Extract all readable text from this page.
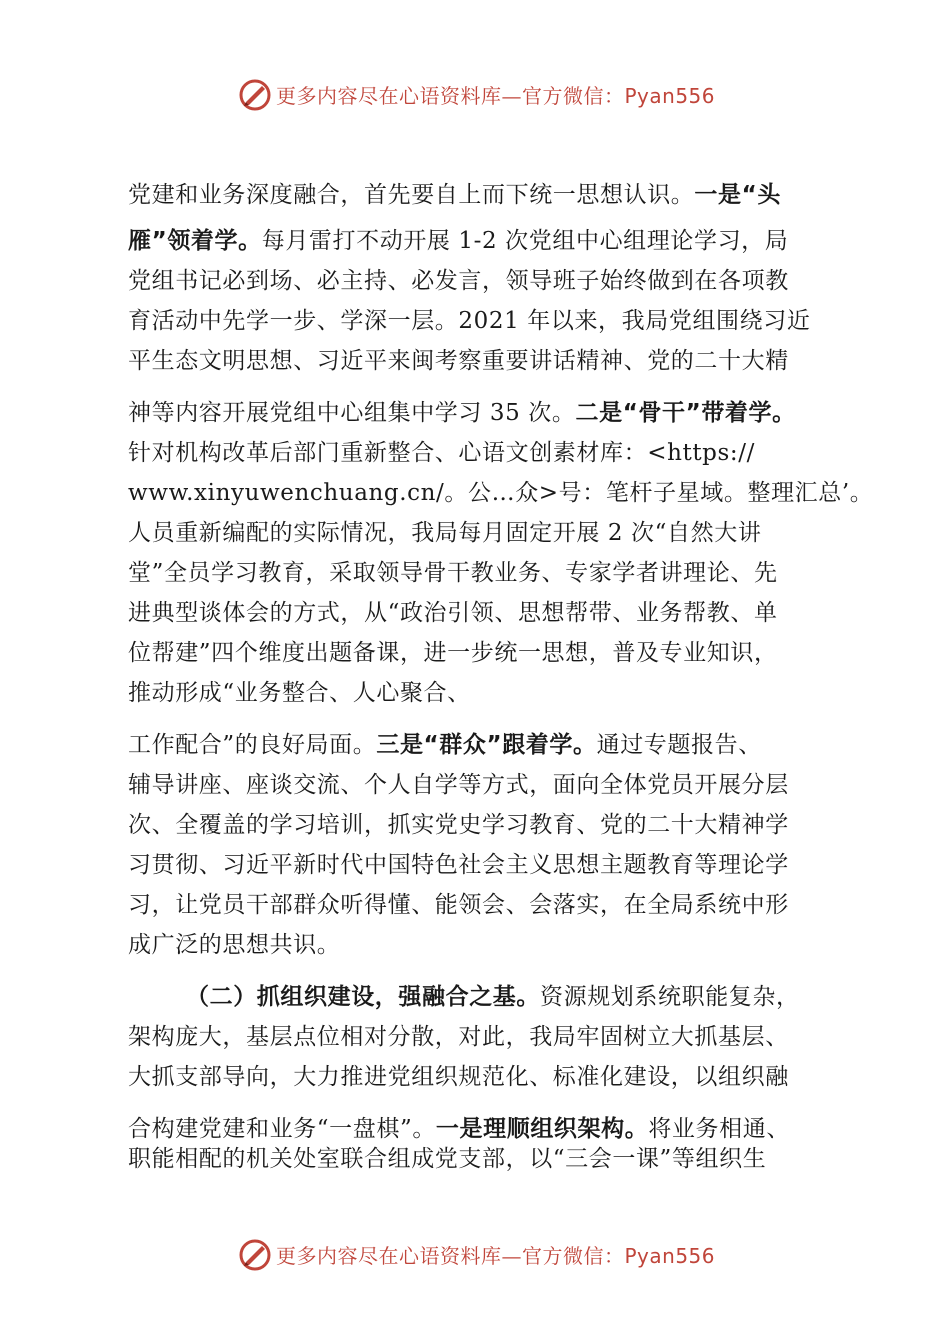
更多内容尽在心语资料库—官方微信：Pyan556
更多内容尽在心语资料库—官方微信：Pyan556
党建和业务深度融合，首先要自上而下统一思想认识。一是“头
雁”领着学。每月雷打不动开展 1-2 次党组中心组理论学习，局
党组书记必到场、必主持、必发言，领导班子始终做到在各项教
育活动中先学一步、学深一层。2021 年以来，我局党组围绕习近
平生态文明思想、习近平来闽考察重要讲话精神、党的二十大精
神等内容开展党组中心组集中学习 35 次。二是“骨干”带着学。
针对机构改革后部门重新整合、心语文创素材库：<https://
www.xinyuwenchuang.cn/。公…众>号：笔杆子星域。整理汇总’。
人员重新编配的实际情况，我局每月固定开展 2 次“自然大讲
堂”全员学习教育，采取领导骨干教业务、专家学者讲理论、先
进典型谈体会的方式，从“政治引领、思想帮带、业务帮教、单
位帮建”四个维度出题备课，进一步统一思想，普及专业知识，
推动形成“业务整合、人心聚合、
工作配合”的良好局面。三是“群众”跟着学。通过专题报告、
辅导讲座、座谈交流、个人自学等方式，面向全体党员开展分层
次、全覆盖的学习培训，抓实党史学习教育、党的二十大精神学
习贯彻、习近平新时代中国特色社会主义思想主题教育等理论学
习，让党员干部群众听得懂、能领会、会落实，在全局系统中形
成广泛的思想共识。
（二）抓组织建设，强融合之基。资源规划系统职能复杂，
架构庞大，基层点位相对分散，对此，我局牢固树立大抓基层、
大抓支部导向，大力推进党组织规范化、标准化建设，以组织融
合构建党建和业务“一盘棋”。一是理顺组织架构。将业务相通、
职能相配的机关处室联合组成党支部，以“三会一课”等组织生
